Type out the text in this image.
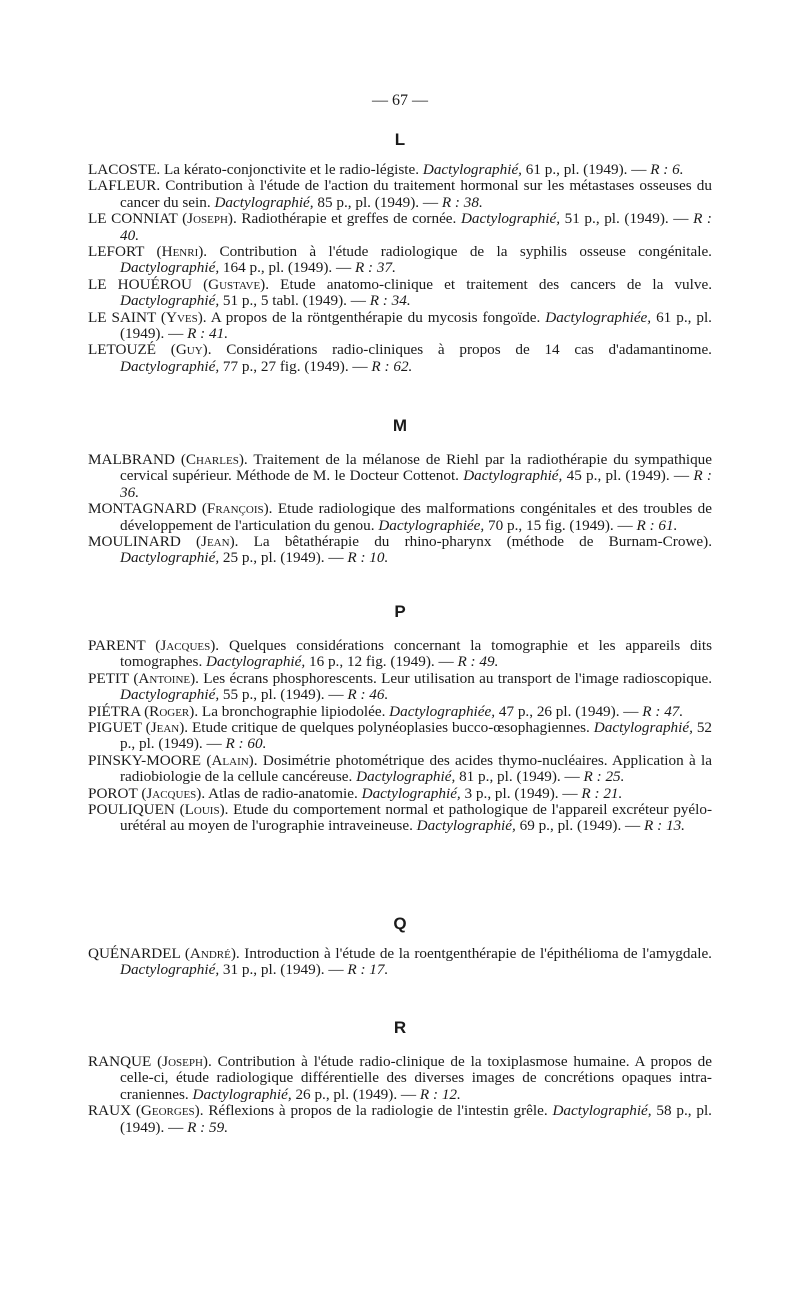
— 67 —
L

LACOSTE. La kérato-conjonctivite et le radio-légiste. Dactylographié, 61 p., pl. (1949). — R : 6.

LAFLEUR. Contribution à l'étude de l'action du traitement hormonal sur les métastases osseuses du cancer du sein. Dactylographié, 85 p., pl. (1949). — R : 38.

LE CONNIAT (Joseph). Radiothérapie et greffes de cornée. Dactylographié, 51 p., pl. (1949). — R : 40.

LEFORT (Henri). Contribution à l'étude radiologique de la syphilis osseuse congénitale. Dactylographié, 164 p., pl. (1949). — R : 37.

LE HOUÉROU (Gustave). Etude anatomo-clinique et traitement des cancers de la vulve. Dactylographié, 51 p., 5 tabl. (1949). — R : 34.

LE SAINT (Yves). A propos de la röntgenthérapie du mycosis fongoïde. Dactylographiée, 61 p., pl. (1949). — R : 41.

LETOUZÉ (Guy). Considérations radio-cliniques à propos de 14 cas d'adamantinome. Dactylographié, 77 p., 27 fig. (1949). — R : 62.

M

MALBRAND (Charles). Traitement de la mélanose de Riehl par la radiothérapie du sympathique cervical supérieur. Méthode de M. le Docteur Cottenot. Dactylographié, 45 p., pl. (1949). — R : 36.

MONTAGNARD (François). Etude radiologique des malformations congénitales et des troubles de développement de l'articulation du genou. Dactylographiée, 70 p., 15 fig. (1949). — R : 61.

MOULINARD (Jean). La bêtathérapie du rhino-pharynx (méthode de Burnam-Crowe). Dactylographié, 25 p., pl. (1949). — R : 10.

P

PARENT (Jacques). Quelques considérations concernant la tomographie et les appareils dits tomographes. Dactylographié, 16 p., 12 fig. (1949). — R : 49.

PETIT (Antoine). Les écrans phosphorescents. Leur utilisation au transport de l'image radioscopique. Dactylographié, 55 p., pl. (1949). — R : 46.

PIÉTRA (Roger). La bronchographie lipiodolée. Dactylographiée, 47 p., 26 pl. (1949). — R : 47.

PIGUET (Jean). Etude critique de quelques polynéoplasies bucco-œsophagiennes. Dactylographié, 52 p., pl. (1949). — R : 60.

PINSKY-MOORE (Alain). Dosimétrie photométrique des acides thymo-nucléaires. Application à la radiobiologie de la cellule cancéreuse. Dactylographié, 81 p., pl. (1949). — R : 25.

POROT (Jacques). Atlas de radio-anatomie. Dactylographié, 3 p., pl. (1949). — R : 21.

POULIQUEN (Louis). Etude du comportement normal et pathologique de l'appareil excréteur pyélo-urétéral au moyen de l'urographie intraveineuse. Dactylographié, 69 p., pl. (1949). — R : 13.

Q

QUÉNARDEL (André). Introduction à l'étude de la roentgenthérapie de l'épithélioma de l'amygdale. Dactylographié, 31 p., pl. (1949). — R : 17.

R

RANQUE (Joseph). Contribution à l'étude radio-clinique de la toxiplasmose humaine. A propos de celle-ci, étude radiologique différentielle des diverses images de concrétions opaques intra-craniennes. Dactylographié, 26 p., pl. (1949). — R : 12.

RAUX (Georges). Réflexions à propos de la radiologie de l'intestin grêle. Dactylographié, 58 p., pl. (1949). — R : 59.
